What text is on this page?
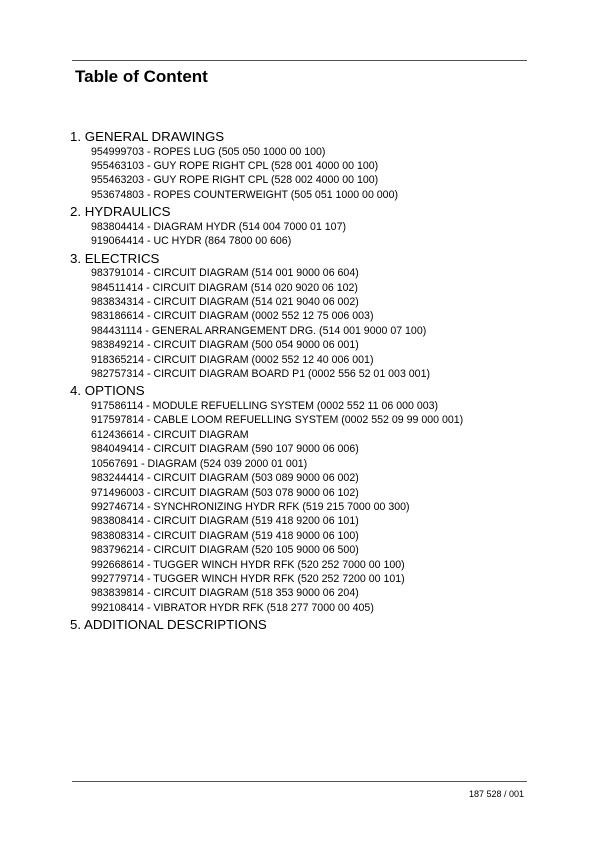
Table of Content
1. GENERAL DRAWINGS
954999703 - ROPES LUG (505 050 1000 00 100)
955463103 - GUY ROPE RIGHT CPL (528 001 4000 00 100)
955463203 - GUY ROPE RIGHT CPL (528 002 4000 00 100)
953674803 - ROPES COUNTERWEIGHT (505 051 1000 00 000)
2. HYDRAULICS
983804414 - DIAGRAM HYDR (514 004 7000 01 107)
919064414 - UC HYDR (864 7800 00 606)
3. ELECTRICS
983791014 - CIRCUIT DIAGRAM (514 001 9000 06 604)
984511414 - CIRCUIT DIAGRAM (514 020 9020 06 102)
983834314 - CIRCUIT DIAGRAM (514 021 9040 06 002)
983186614 - CIRCUIT DIAGRAM (0002 552 12 75 006 003)
984431114 - GENERAL ARRANGEMENT DRG. (514 001 9000 07 100)
983849214 - CIRCUIT DIAGRAM (500 054 9000 06 001)
918365214 - CIRCUIT DIAGRAM (0002 552 12 40 006 001)
982757314 - CIRCUIT DIAGRAM BOARD P1 (0002 556 52 01 003 001)
4. OPTIONS
917586114 - MODULE REFUELLING SYSTEM (0002 552 11 06 000 003)
917597814 - CABLE LOOM REFUELLING SYSTEM (0002 552 09 99 000 001)
612436614 - CIRCUIT DIAGRAM
984049414 - CIRCUIT DIAGRAM (590 107 9000 06 006)
10567691 - DIAGRAM (524 039 2000 01 001)
983244414 - CIRCUIT DIAGRAM (503 089 9000 06 002)
971496003 - CIRCUIT DIAGRAM (503 078 9000 06 102)
992746714 - SYNCHRONIZING HYDR RFK (519 215 7000 00 300)
983808414 - CIRCUIT DIAGRAM (519 418 9200 06 101)
983808314 - CIRCUIT DIAGRAM (519 418 9000 06 100)
983796214 - CIRCUIT DIAGRAM (520 105 9000 06 500)
992668614 - TUGGER WINCH HYDR RFK (520 252 7000 00 100)
992779714 - TUGGER WINCH HYDR RFK (520 252 7200 00 101)
983839814 - CIRCUIT DIAGRAM (518 353 9000 06 204)
992108414 - VIBRATOR HYDR RFK (518 277 7000 00 405)
5. ADDITIONAL DESCRIPTIONS
187 528 / 001
